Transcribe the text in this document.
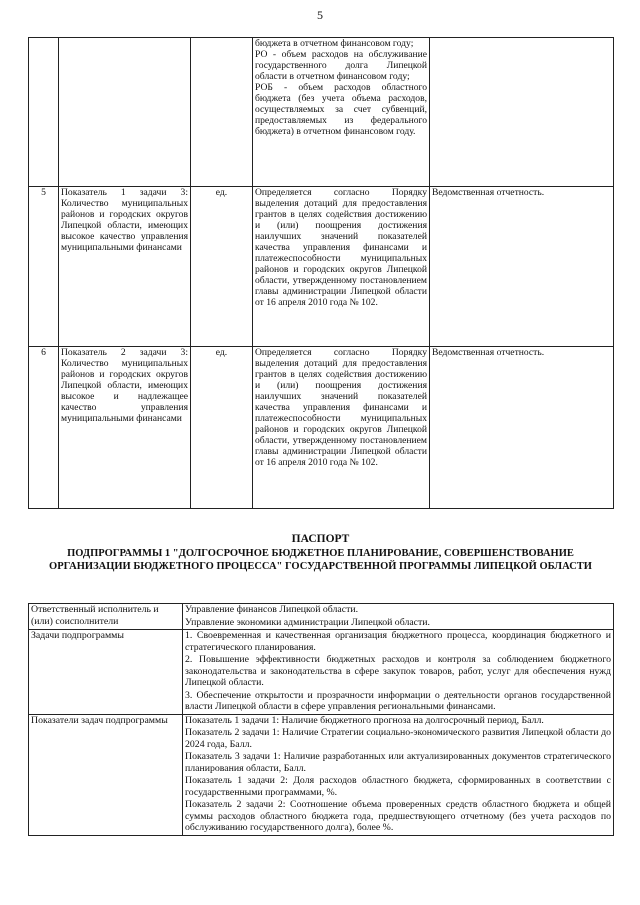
5

			бюджета в отчетном финансовом году;
РО - объем расходов на обслуживание государственного долга Липецкой области в отчетном финансовом году;
РОБ - объем расходов областного бюджета (без учета объема расходов, осуществляемых за счет субвенций, предоставляемых из федерального бюджета) в отчетном финансовом году.	

5	Показатель 1 задачи 3: Количество муниципальных районов и городских округов Липецкой области, имеющих высокое качество управления муниципальными финансами	ед.	Определяется согласно Порядку выделения дотаций для предоставления грантов в целях содействия достижению и (или) поощрения достижения наилучших значений показателей качества управления финансами и платежеспособности муниципальных районов и городских округов Липецкой области, утвержденному постановлением главы администрации Липецкой области от 16 апреля 2010 года № 102.	Ведомственная отчетность.
6	Показатель 2 задачи 3: Количество муниципальных районов и городских округов Липецкой области, имеющих высокое и надлежащее качество управления муниципальными финансами	ед.	Определяется согласно Порядку выделения дотаций для предоставления грантов в целях содействия достижению и (или) поощрения достижения наилучших значений показателей качества управления финансами и платежеспособности муниципальных районов и городских округов Липецкой области, утвержденному постановлением главы администрации Липецкой области от 16 апреля 2010 года № 102.	Ведомственная отчетность.
ПАСПОРТ
ПОДПРОГРАММЫ 1 "ДОЛГОСРОЧНОЕ БЮДЖЕТНОЕ ПЛАНИРОВАНИЕ, СОВЕРШЕНСТВОВАНИЕ ОРГАНИЗАЦИИ БЮДЖЕТНОГО ПРОЦЕССА" ГОСУДАРСТВЕННОЙ ПРОГРАММЫ ЛИПЕЦКОЙ ОБЛАСТИ
Ответственный исполнитель и (или) соисполнители	Управление финансов Липецкой области.

Управление экономики администрации Липецкой области.

Задачи подпрограммы	1. Своевременная и качественная организация бюджетного процесса, координация бюджетного и стратегического планирования.

2. Повышение эффективности бюджетных расходов и контроля за соблюдением бюджетного законодательства и законодательства в сфере закупок товаров, работ, услуг для обеспечения нужд Липецкой области.

3. Обеспечение открытости и прозрачности информации о деятельности органов государственной власти Липецкой области в сфере управления региональными финансами.

Показатели задач подпрограммы	Показатель 1 задачи 1: Наличие бюджетного прогноза на долгосрочный период, Балл.

Показатель 2 задачи 1: Наличие Стратегии социально-экономического развития Липецкой области до 2024 года, Балл.

Показатель 3 задачи 1: Наличие разработанных или актуализированных документов стратегического планирования области, Балл.

Показатель 1 задачи 2: Доля расходов областного бюджета, сформированных в соответствии с государственными программами, %.

Показатель 2 задачи 2: Соотношение объема проверенных средств областного бюджета и общей суммы расходов областного бюджета года, предшествующего отчетному (без учета расходов по обслуживанию государственного долга), более %.
